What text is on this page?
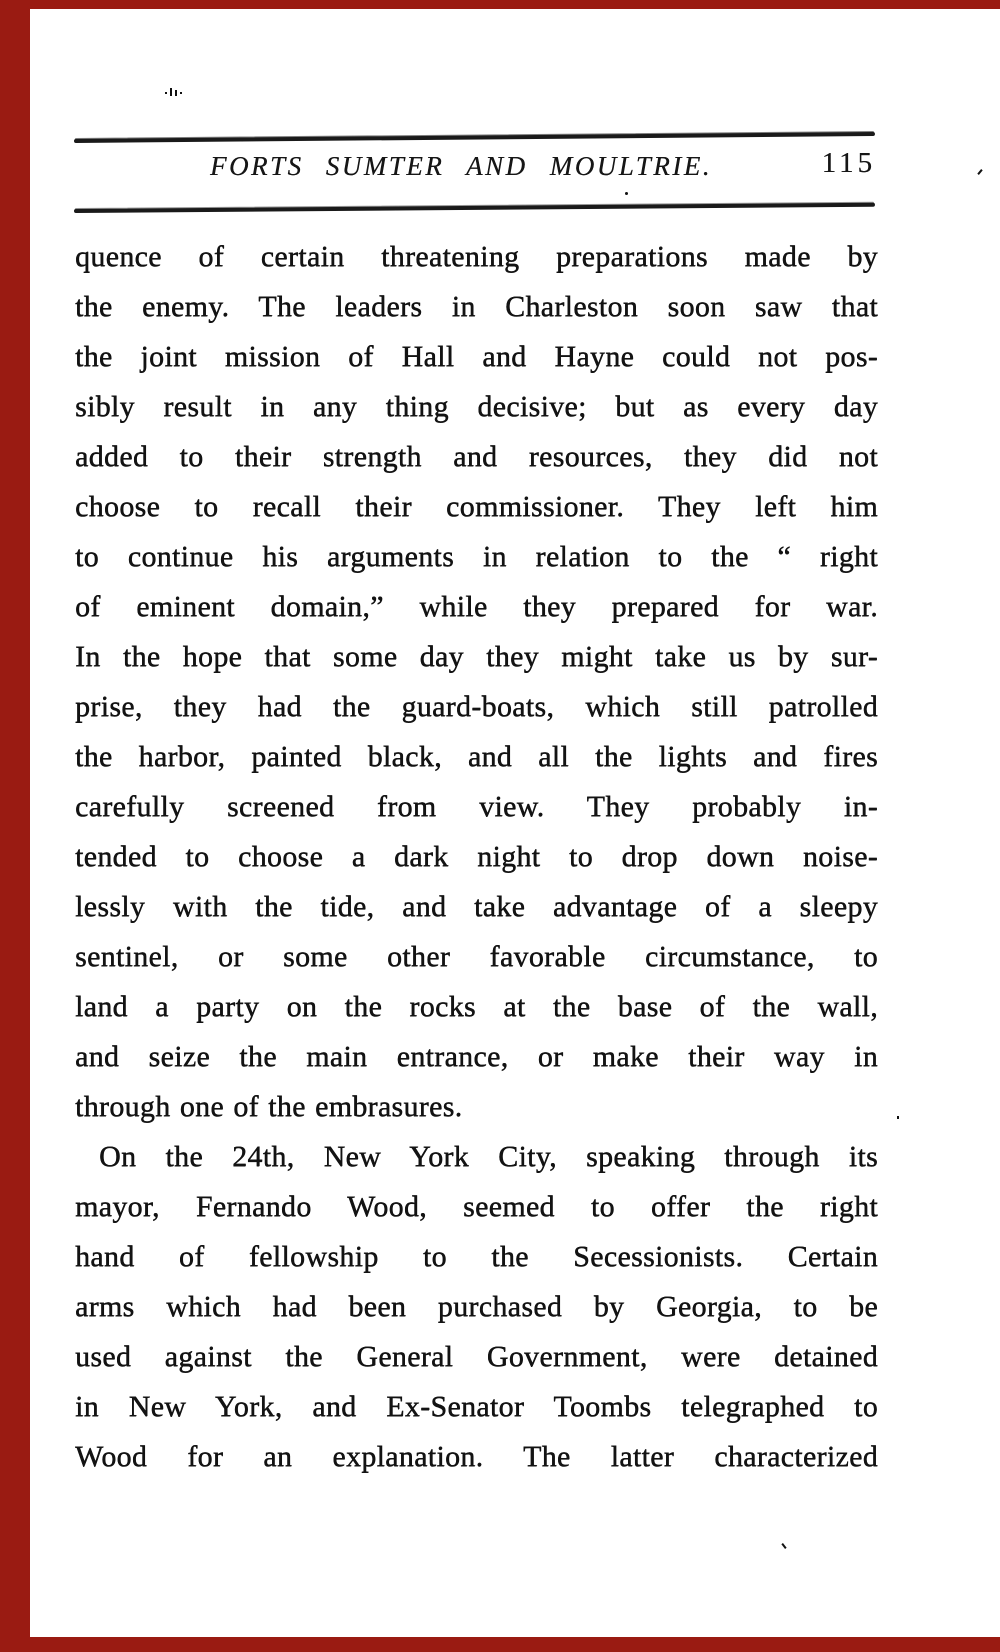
FORTS SUMTER AND MOULTRIE.	115
quence of certain threatening preparations made by
the enemy. The leaders in Charleston soon saw that
the joint mission of Hall and Hayne could not pos-
sibly result in any thing decisive; but as every day
added to their strength and resources, they did not
choose to recall their commissioner. They left him
to continue his arguments in relation to the “ right
of eminent domain,” while they prepared for war.
In the hope that some day they might take us by sur-
prise, they had the guard-boats, which still patrolled
the harbor, painted black, and all the lights and fires
carefully screened from view. They probably in-
tended to choose a dark night to drop down noise-
lessly with the tide, and take advantage of a sleepy
sentinel, or some other favorable circumstance, to
land a party on the rocks at the base of the wall,
and seize the main entrance, or make their way in
through one of the embrasures.
On the 24th, New York City, speaking through its
mayor, Fernando Wood, seemed to offer the right
hand of fellowship to the Secessionists. Certain
arms which had been purchased by Georgia, to be
used against the General Government, were detained
in New York, and Ex-Senator Toombs telegraphed to
Wood for an explanation. The latter characterized
